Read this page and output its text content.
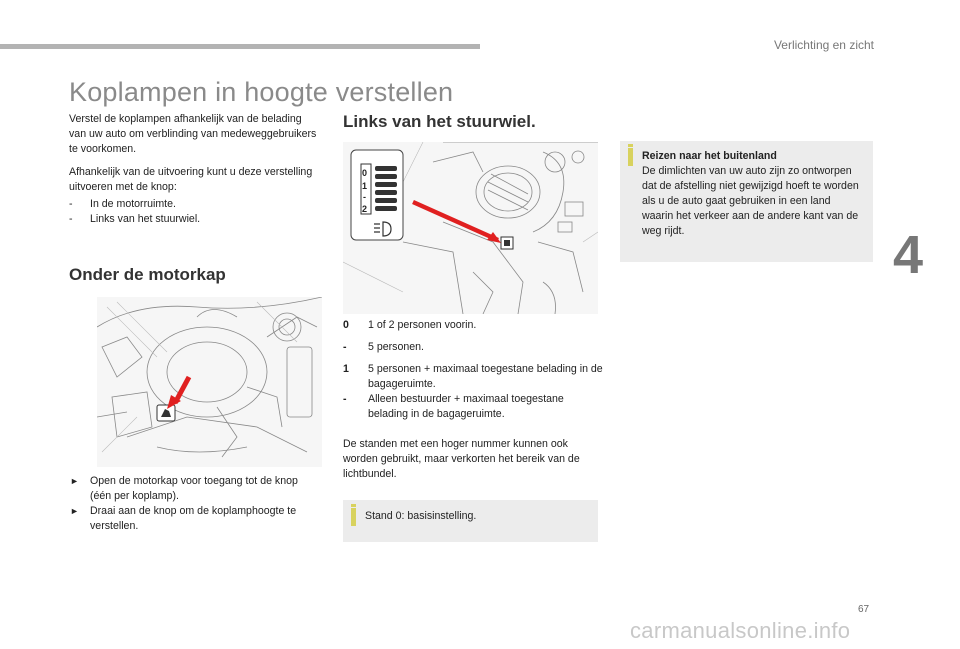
Verlichting en zicht
4
Koplampen in hoogte verstellen

Verstel de koplampen afhankelijk van de belading van uw auto om verblinding van medeweggebruikers te voorkomen.

Afhankelijk van de uitvoering kunt u deze verstelling uitvoeren met de knop:

- In de motorruimte.
- Links van het stuurwiel.
Onder de motorkap
► Open de motorkap voor toegang tot de knop (één per koplamp).
► Draai aan de knop om de koplamphoogte te verstellen.
Links van het stuurwiel.
0
1
-
2
0 1 of 2 personen voorin.
- 5 personen.
1 5 personen + maximaal toegestane belading in de bagageruimte.
- Alleen bestuurder + maximaal toegestane belading in de bagageruimte.

De standen met een hoger nummer kunnen ook worden gebruikt, maar verkorten het bereik van de lichtbundel.

Stand 0: basisinstelling.
Reizen naar het buitenland
De dimlichten van uw auto zijn zo ontworpen dat de afstelling niet gewijzigd hoeft te worden als u de auto gaat gebruiken in een land waarin het verkeer aan de andere kant van de weg rijdt.
67
carmanualsonline.info
